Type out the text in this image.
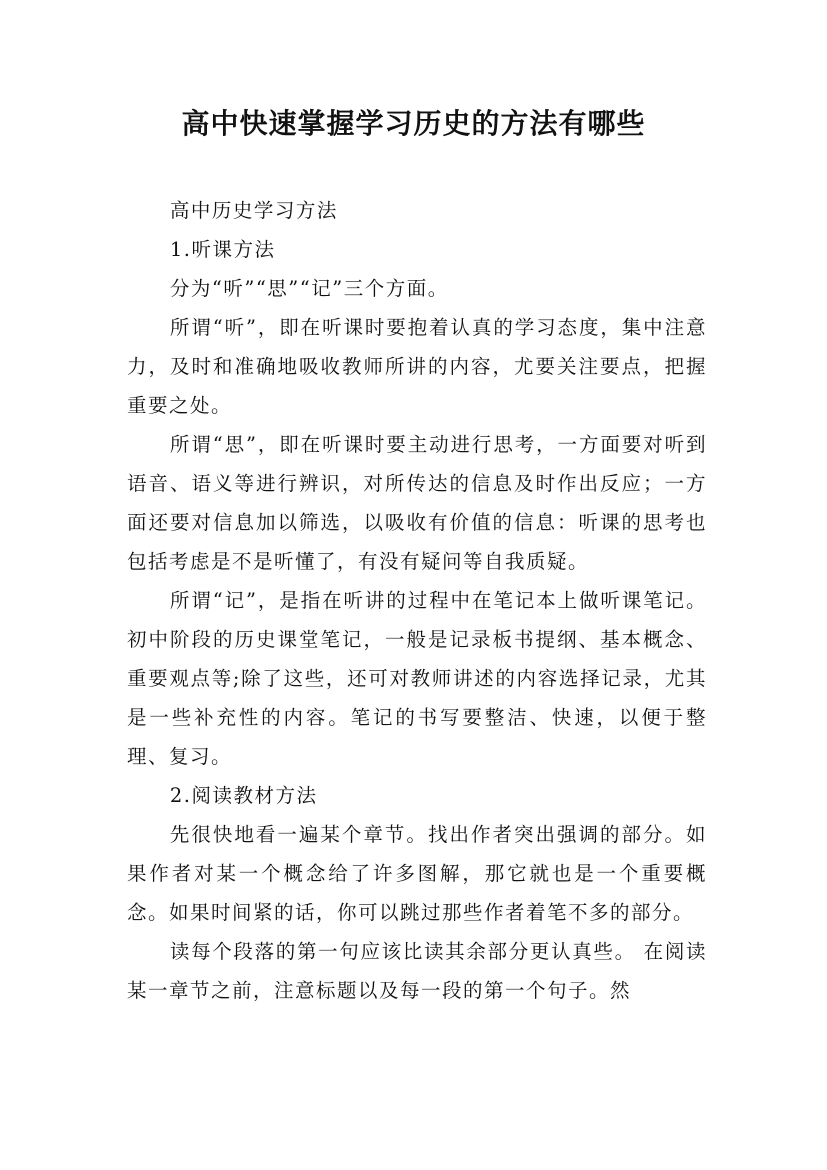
高中快速掌握学习历史的方法有哪些

高中历史学习方法

1.听课方法

分为“听”“思”“记”三个方面。

所谓“听”，即在听课时要抱着认真的学习态度，集中注意力，及时和准确地吸收教师所讲的内容，尤要关注要点，把握重要之处。

所谓“思”，即在听课时要主动进行思考，一方面要对听到语音、语义等进行辨识，对所传达的信息及时作出反应；一方面还要对信息加以筛选，以吸收有价值的信息：听课的思考也包括考虑是不是听懂了，有没有疑问等自我质疑。

所谓“记”，是指在听讲的过程中在笔记本上做听课笔记。初中阶段的历史课堂笔记，一般是记录板书提纲、基本概念、重要观点等;除了这些，还可对教师讲述的内容选择记录，尤其是一些补充性的内容。笔记的书写要整洁、快速，以便于整理、复习。

2.阅读教材方法

先很快地看一遍某个章节。找出作者突出强调的部分。如果作者对某一个概念给了许多图解，那它就也是一个重要概念。如果时间紧的话，你可以跳过那些作者着笔不多的部分。

读每个段落的第一句应该比读其余部分更认真些。 在阅读某一章节之前，注意标题以及每一段的第一个句子。然
